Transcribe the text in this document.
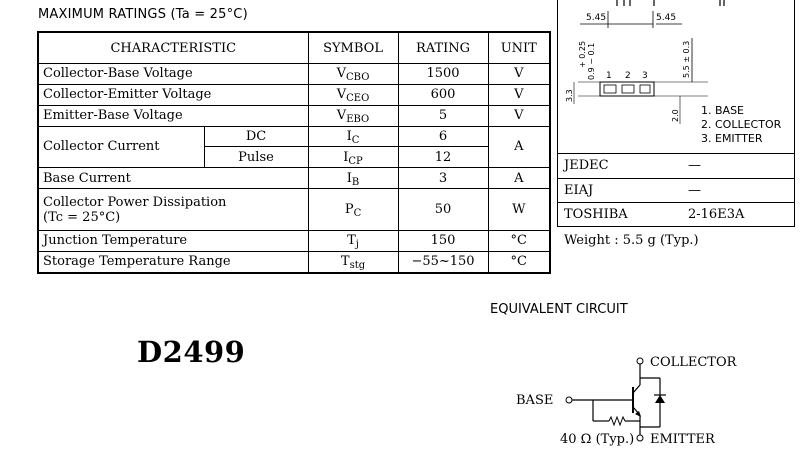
MAXIMUM RATINGS (Ta = 25°C)
CHARACTERISTIC		SYMBOL	RATING	UNIT
Collector-Base Voltage		$V_{CBO}$	1500	V
Collector-Emitter Voltage		$V_{CEO}$	600	V
Emitter-Base Voltage		$V_{EBO}$	5	V
Collector Current	DC	$I_C$	6	A
	Pulse	$I_{CP}$	12	
Base Current		$I_B$	3	A
Collector Power Dissipation
(Tc = 25°C)		$P_C$	50	W
Junction Temperature		$T_j$	150	°C
Storage Temperature Range		$T_{stg}$	−55~150	°C
5.45	5.45
0.9 − 0.1
+ 0.25	5.5 ± 0.3
1 2 3
3.3
2.0 1. BASE
2. COLLECTOR
3. EMITTER
JEDEC	—
EIAJ	—
TOSHIBA	2-16E3A
Weight : 5.5 g (Typ.)
D2499
EQUIVALENT CIRCUIT
COLLECTOR
BASE
40 Ω (Typ.) EMITTER
